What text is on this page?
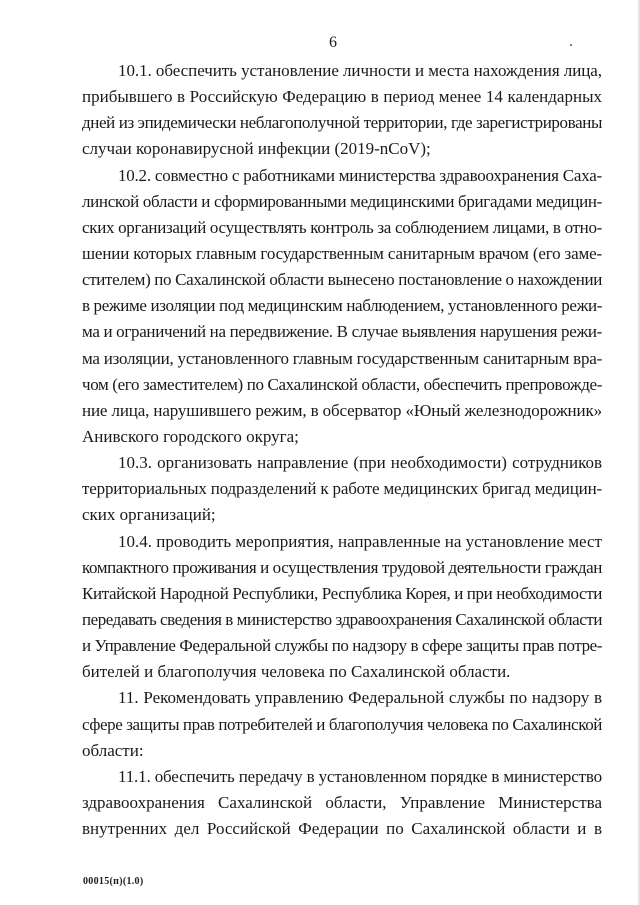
6
10.1. обеспечить установление личности и места нахождения лица,
прибывшего в Российскую Федерацию в период менее 14 календарных
дней из эпидемически неблагополучной территории, где зарегистрированы
случаи коронавирусной инфекции (2019-nCoV);
10.2. совместно с работниками министерства здравоохранения Саха-
линской области и сформированными медицинскими бригадами медицин-
ских организаций осуществлять контроль за соблюдением лицами, в отно-
шении которых главным государственным санитарным врачом (его заме-
стителем) по Сахалинской области вынесено постановление о нахождении
в режиме изоляции под медицинским наблюдением, установленного режи-
ма и ограничений на передвижение. В случае выявления нарушения режи-
ма изоляции, установленного главным государственным санитарным вра-
чом (его заместителем) по Сахалинской области, обеспечить препровожде-
ние лица, нарушившего режим, в обсерватор «Юный железнодорожник»
Анивского городского округа;
10.3. организовать направление (при необходимости) сотрудников
территориальных подразделений к работе медицинских бригад медицин-
ских организаций;
10.4. проводить мероприятия, направленные на установление мест
компактного проживания и осуществления трудовой деятельности граждан
Китайской Народной Республики, Республика Корея, и при необходимости
передавать сведения в министерство здравоохранения Сахалинской области
и Управление Федеральной службы по надзору в сфере защиты прав потре-
бителей и благополучия человека по Сахалинской области.
11. Рекомендовать управлению Федеральной службы по надзору в
сфере защиты прав потребителей и благополучия человека по Сахалинской
области:
11.1. обеспечить передачу в установленном порядке в министерство
здравоохранения Сахалинской области, Управление Министерства
внутренних дел Российской Федерации по Сахалинской области и в
00015(п)(1.0)
